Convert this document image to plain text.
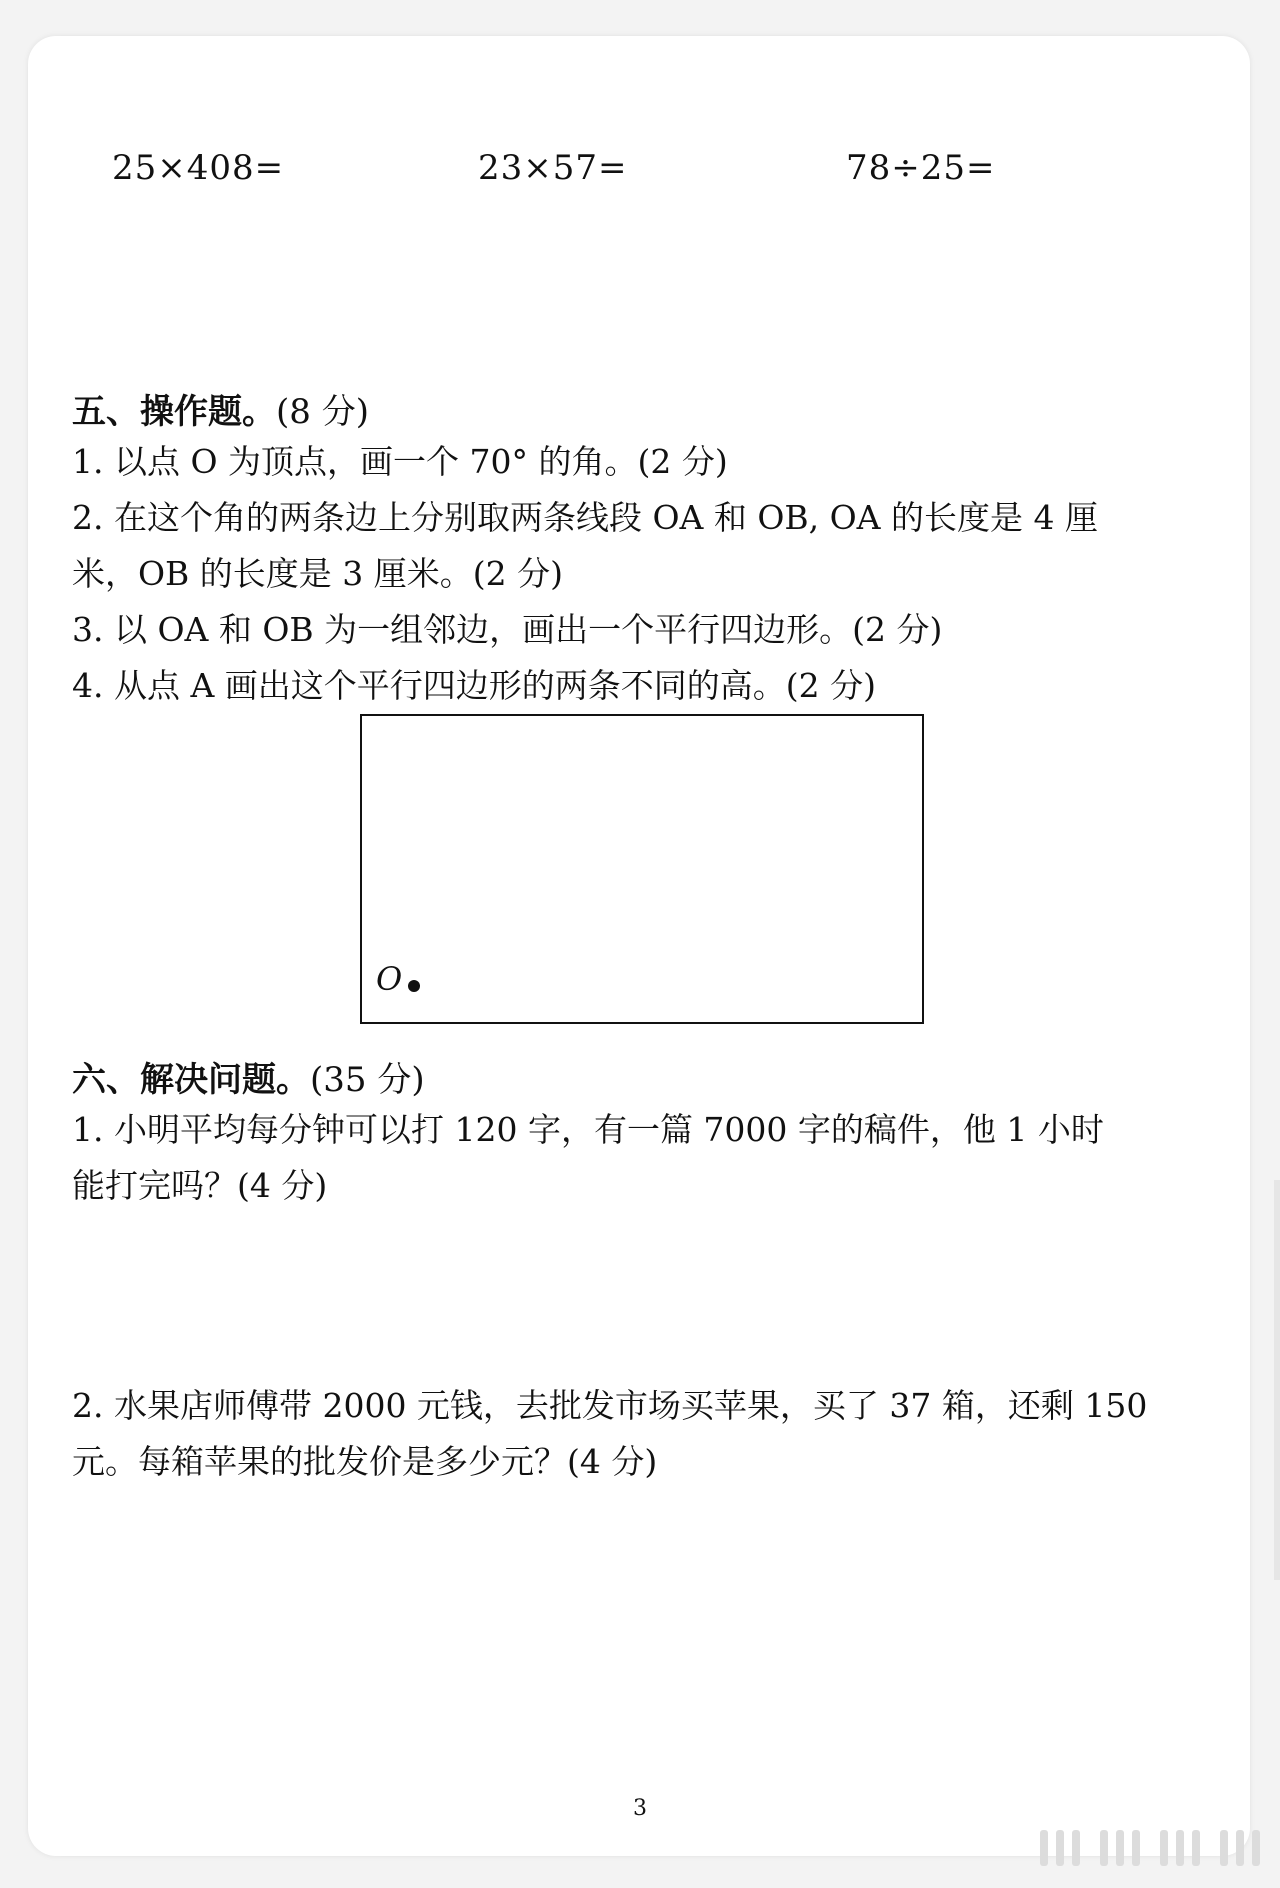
25×408=	23×57=	78÷25=
五、操作题。(8 分)
1. 以点 O 为顶点，画一个 70° 的角。(2 分)
2. 在这个角的两条边上分别取两条线段 OA 和 OB, OA 的长度是 4 厘
米，OB 的长度是 3 厘米。(2 分)
3. 以 OA 和 OB 为一组邻边，画出一个平行四边形。(2 分)
4. 从点 A 画出这个平行四边形的两条不同的高。(2 分)
O
六、解决问题。(35 分)
1. 小明平均每分钟可以打 120 字，有一篇 7000 字的稿件，他 1 小时
能打完吗？(4 分)
2. 水果店师傅带 2000 元钱，去批发市场买苹果，买了 37 箱，还剩 150
元。每箱苹果的批发价是多少元？(4 分)
3
